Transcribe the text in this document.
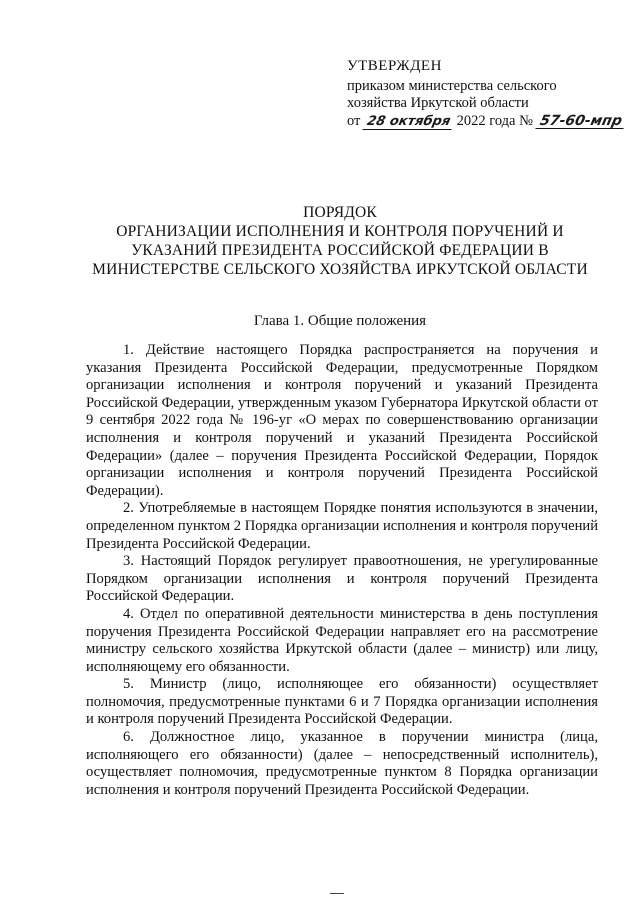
УТВЕРЖДЕН
приказом министерства сельского
хозяйства Иркутской области
от 28 октября 2022 года № 57-60-мпр
ПОРЯДОК
ОРГАНИЗАЦИИ ИСПОЛНЕНИЯ И КОНТРОЛЯ ПОРУЧЕНИЙ И
УКАЗАНИЙ ПРЕЗИДЕНТА РОССИЙСКОЙ ФЕДЕРАЦИИ В
МИНИСТЕРСТВЕ СЕЛЬСКОГО ХОЗЯЙСТВА ИРКУТСКОЙ ОБЛАСТИ
Глава 1. Общие положения

1. Действие настоящего Порядка распространяется на поручения и указания Президента Российской Федерации, предусмотренные Порядком организации исполнения и контроля поручений и указаний Президента Российской Федерации, утвержденным указом Губернатора Иркутской области от 9 сентября 2022 года № 196-уг «О мерах по совершенствованию организации исполнения и контроля поручений и указаний Президента Российской Федерации» (далее – поручения Президента Российской Федерации, Порядок организации исполнения и контроля поручений Президента Российской Федерации).

2. Употребляемые в настоящем Порядке понятия используются в значении, определенном пунктом 2 Порядка организации исполнения и контроля поручений Президента Российской Федерации.

3. Настоящий Порядок регулирует правоотношения, не урегулированные Порядком организации исполнения и контроля поручений Президента Российской Федерации.

4. Отдел по оперативной деятельности министерства в день поступления поручения Президента Российской Федерации направляет его на рассмотрение министру сельского хозяйства Иркутской области (далее – министр) или лицу, исполняющему его обязанности.

5. Министр (лицо, исполняющее его обязанности) осуществляет полномочия, предусмотренные пунктами 6 и 7 Порядка организации исполнения и контроля поручений Президента Российской Федерации.

6. Должностное лицо, указанное в поручении министра (лица, исполняющего его обязанности) (далее – непосредственный исполнитель), осуществляет полномочия, предусмотренные пунктом 8 Порядка организации исполнения и контроля поручений Президента Российской Федерации.
